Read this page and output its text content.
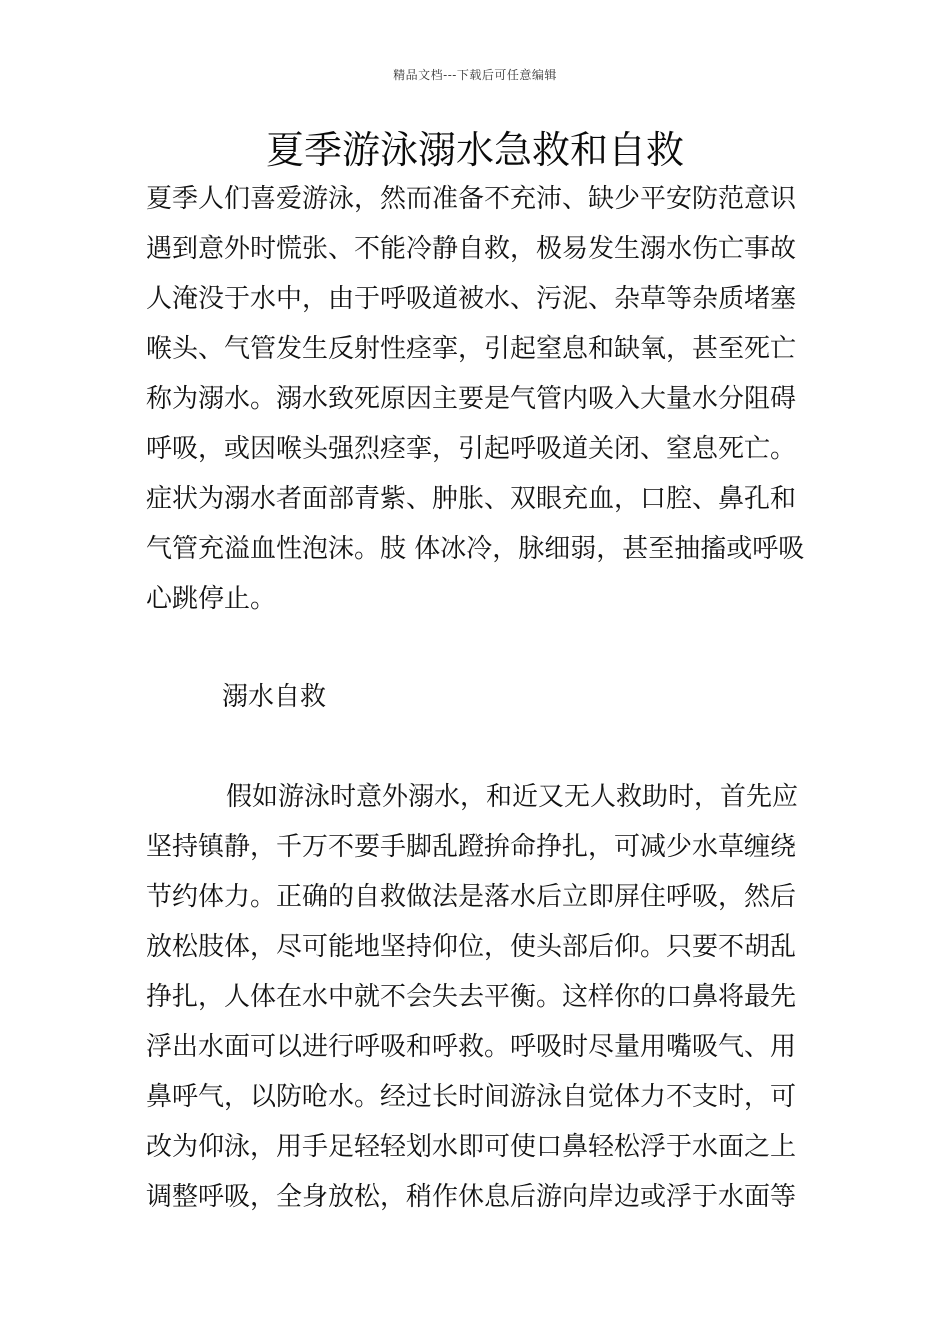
精品文档---下载后可任意编辑
夏季游泳溺水急救和自救
夏季人们喜爱游泳，然而准备不充沛、缺少平安防范意识
遇到意外时慌张、不能冷静自救，极易发生溺水伤亡事故
人淹没于水中，由于呼吸道被水、污泥、杂草等杂质堵塞
喉头、气管发生反射性痉挛，引起窒息和缺氧，甚至死亡
称为溺水。溺水致死原因主要是气管内吸入大量水分阻碍
呼吸，或因喉头强烈痉挛，引起呼吸道关闭、窒息死亡。
症状为溺水者面部青紫、肿胀、双眼充血，口腔、鼻孔和
气管充溢血性泡沫。肢 体冰冷，脉细弱，甚至抽搐或呼吸
心跳停止。
溺水自救
假如游泳时意外溺水，和近又无人救助时，首先应
坚持镇静，千万不要手脚乱蹬拚命挣扎，可减少水草缠绕
节约体力。正确的自救做法是落水后立即屏住呼吸，然后
放松肢体，尽可能地坚持仰位，使头部后仰。只要不胡乱
挣扎，人体在水中就不会失去平衡。这样你的口鼻将最先
浮出水面可以进行呼吸和呼救。呼吸时尽量用嘴吸气、用
鼻呼气，以防呛水。经过长时间游泳自觉体力不支时，可
改为仰泳，用手足轻轻划水即可使口鼻轻松浮于水面之上
调整呼吸，全身放松，稍作休息后游向岸边或浮于水面等
